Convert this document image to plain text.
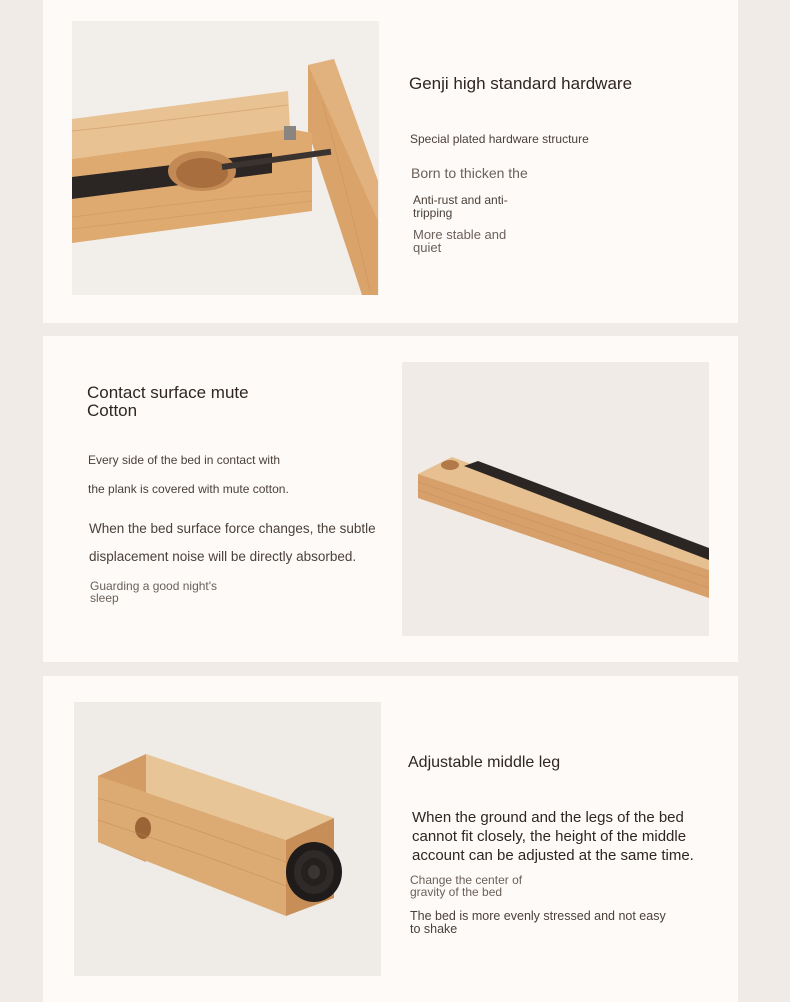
Genji high standard hardware

Special plated hardware structure

Born to thicken the

Anti-rust and anti-
tripping

More stable and
quiet

Contact surface mute
Cotton

Every side of the bed in contact with

the plank is covered with mute cotton.

When the bed surface force changes, the subtle

displacement noise will be directly absorbed.

Guarding a good night's
sleep

Adjustable middle leg

When the ground and the legs of the bed
cannot fit closely, the height of the middle
account can be adjusted at the same time.

Change the center of
gravity of the bed

The bed is more evenly stressed and not easy
to shake
